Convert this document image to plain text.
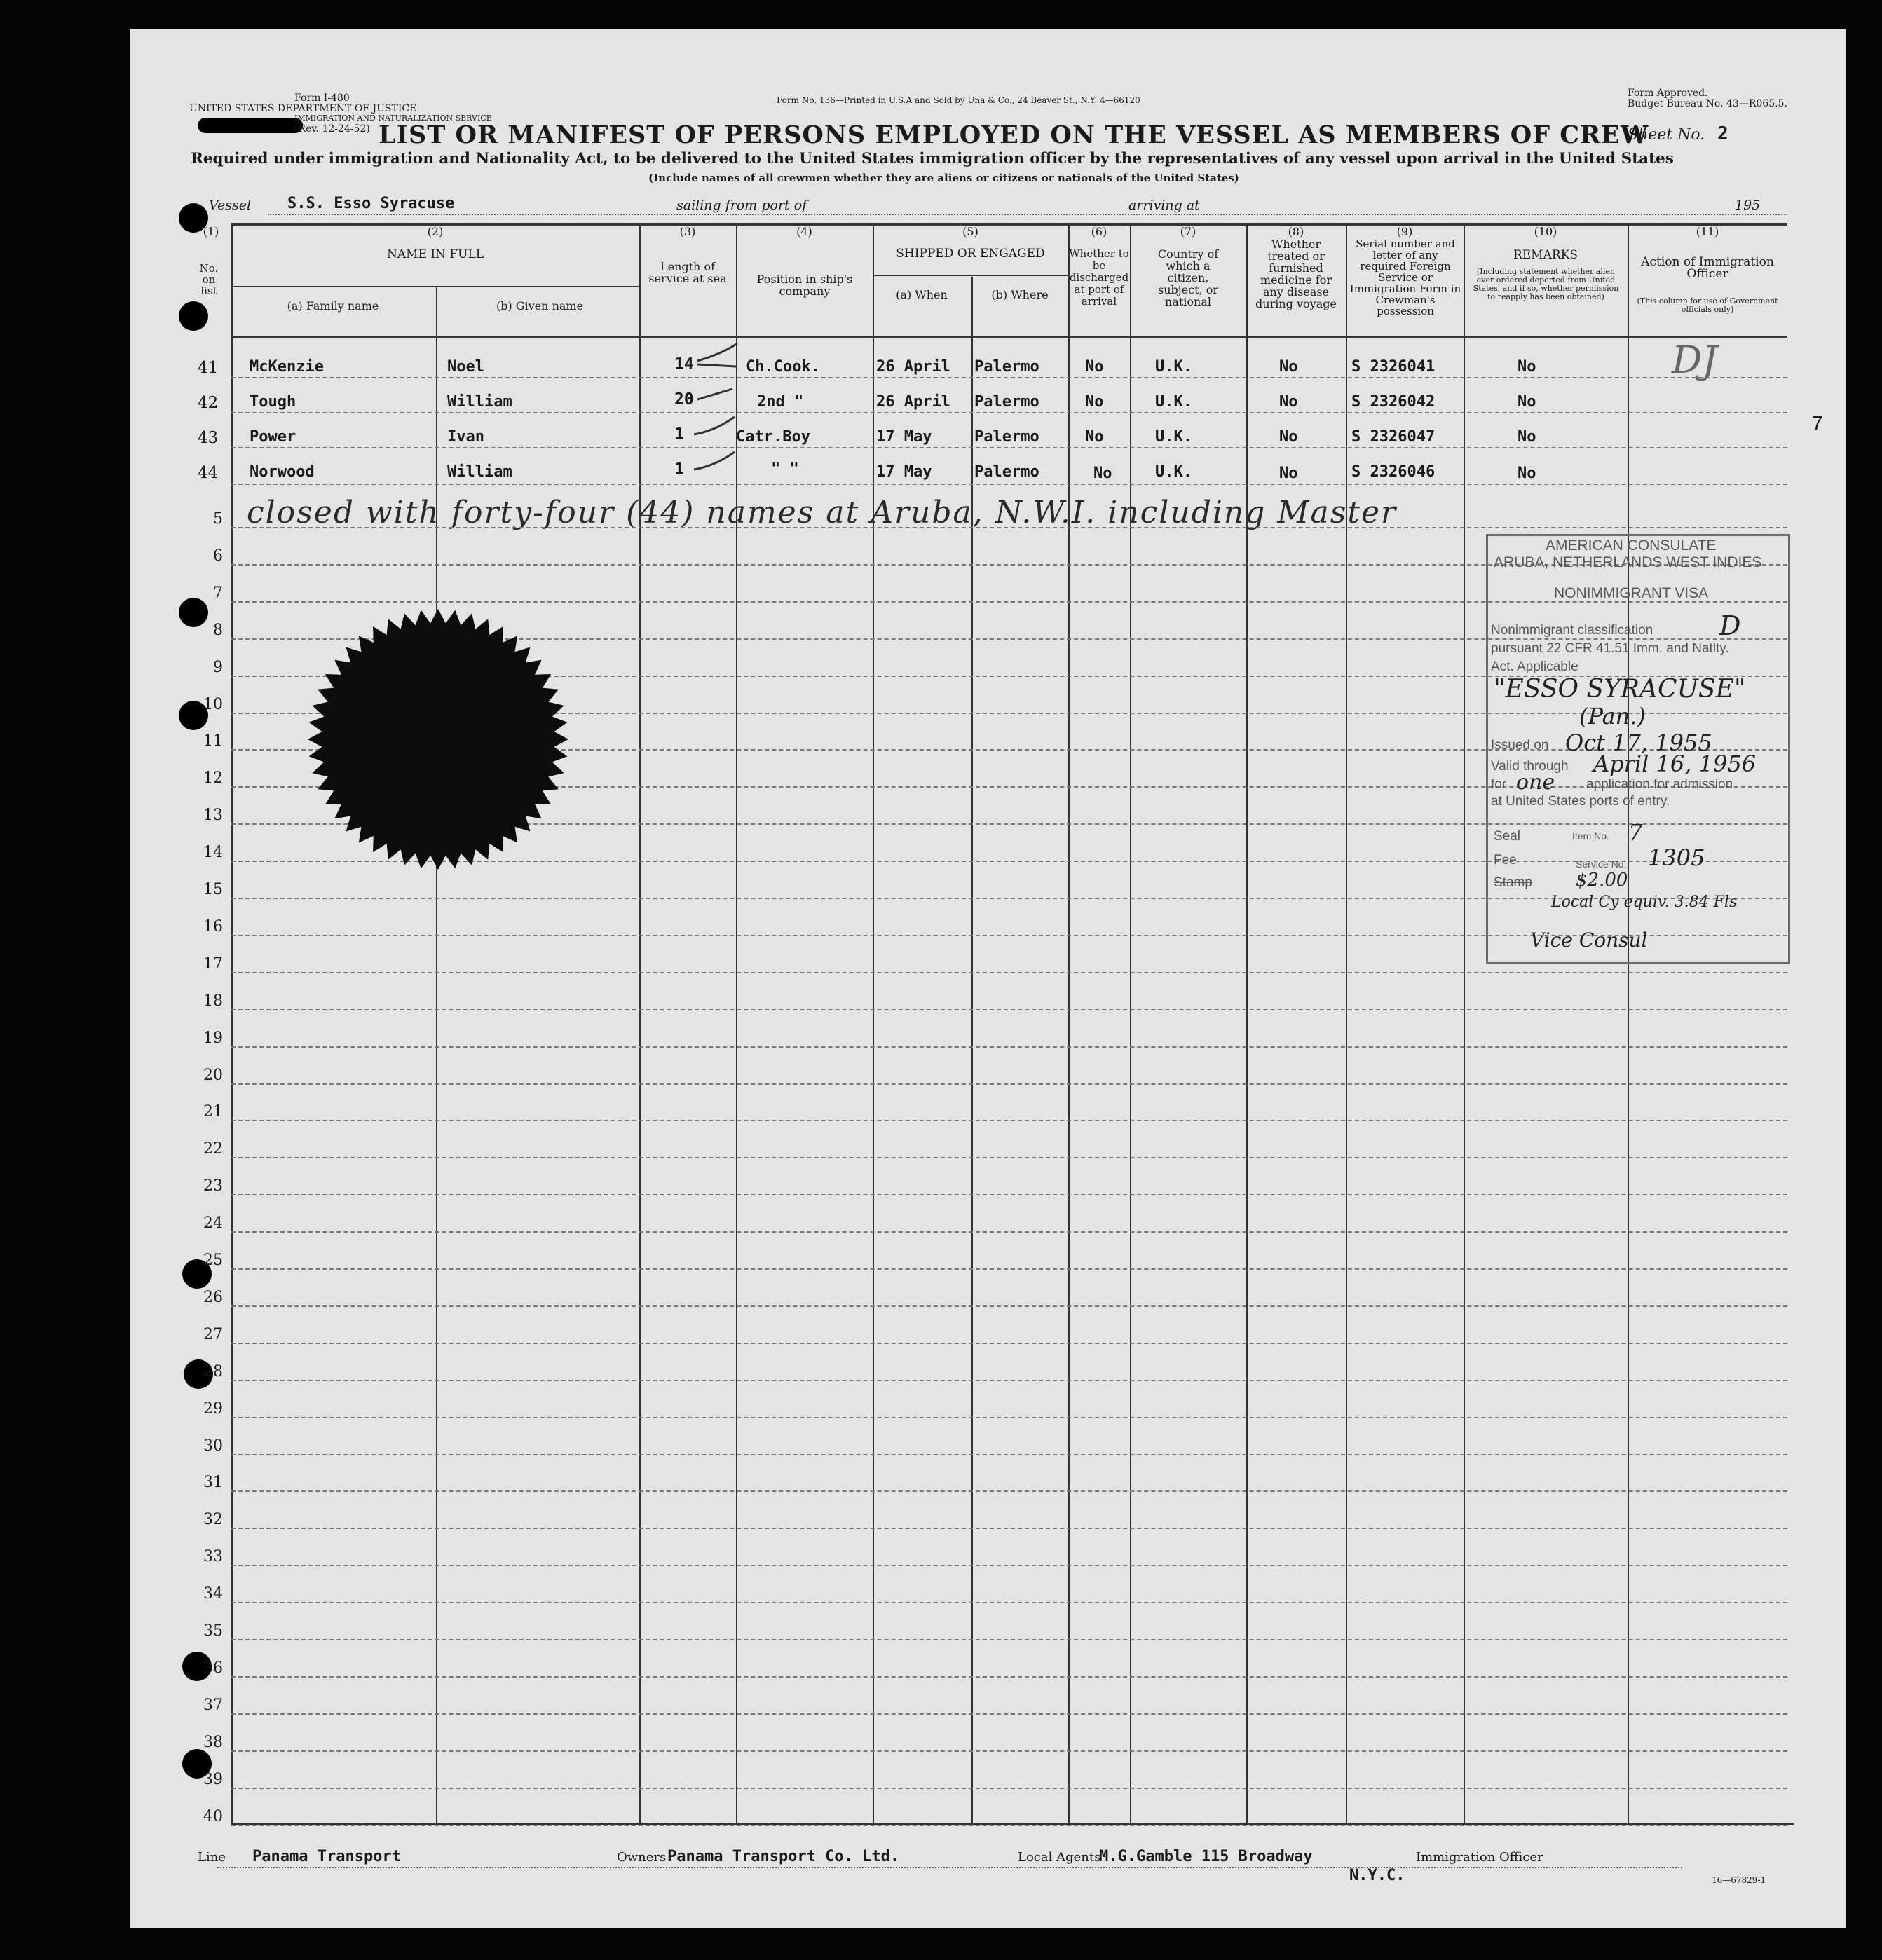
Form I-480
UNITED STATES DEPARTMENT OF JUSTICE
IMMIGRATION AND NATURALIZATION SERVICE
(Rev. 12-24-52)
Form No. 136—Printed in U.S.A and Sold by Una & Co., 24 Beaver St., N.Y. 4—66120
Form Approved.
Budget Bureau No. 43—R065.5.
LIST OR MANIFEST OF PERSONS EMPLOYED ON THE VESSEL AS MEMBERS OF CREW
Sheet No. 2
Required under immigration and Nationality Act, to be delivered to the United States immigration officer by the representatives of any vessel upon arrival in the United States
(Include names of all crewmen whether they are aliens or citizens or nationals of the United States)
Vessel S.S. Esso Syracuse	sailing from port of	arriving at	195
(1)
No. on list
(2)
NAME IN FULL
(a) Family name	(b) Given name
(3)
Length of service at sea
(4)
Position in ship's company
(5)
SHIPPED OR ENGAGED
(a) When	(b) Where
(6)
Whether to be discharged at port of arrival
(7)
Country of which a citizen, subject, or national
(8)
Whether treated or furnished medicine for any disease during voyage
(9)
Serial number and letter of any required Foreign Service or Immigration Form in Crewman's possession
(10)
REMARKS
(Including statement whether alien ever ordered deported from United States, and if so, whether permission to reapply has been obtained)
(11)
Action of Immigration Officer
(This column for use of Government officials only)
41 McKenzie	Noel	14	Ch.Cook.	26 April Palermo	No	U.K.	No	S 2326041	No
42 Tough	William	20	2nd "	26 April Palermo	No	U.K.	No	S 2326042	No
43 Power	Ivan	1	Catr.Boy	17 May	Palermo	No	U.K.	No	S 2326047	No
44 Norwood	William	1	" "	17 May	Palermo	No	U.K.	No	S 2326046	No
closed with forty-four (44) names at Aruba, N.W.I. including Master
DJ
7
5
6
7
8
9
10
11
12
13
14
15
16
17
18
19
20
21
22
23
24
25
26
27
28
29
30
31
32
33
34
35
36
37
38
39
40
AMERICAN CONSULATE
ARUBA, NETHERLANDS WEST INDIES
NONIMMIGRANT VISA
Nonimmigrant classification D
pursuant 22 CFR 41.51 Imm. and Natlty.
Act. Applicable
"ESSO SYRACUSE"
(Pan.)
Issued on Oct 17, 1955
Valid through April 16, 1956
for one application for admission
at United States ports of entry.
Seal	Item No. 7
Fee	Service No. 1305
Stamp $2.00
Local Cy equiv. 3.84 Fls
Vice Consul
Line Panama Transport	Owners Panama Transport Co. Ltd.	Local Agents
M.G.Gamble 115 Broadway
N.Y.C.
Immigration Officer
16—67829-1
